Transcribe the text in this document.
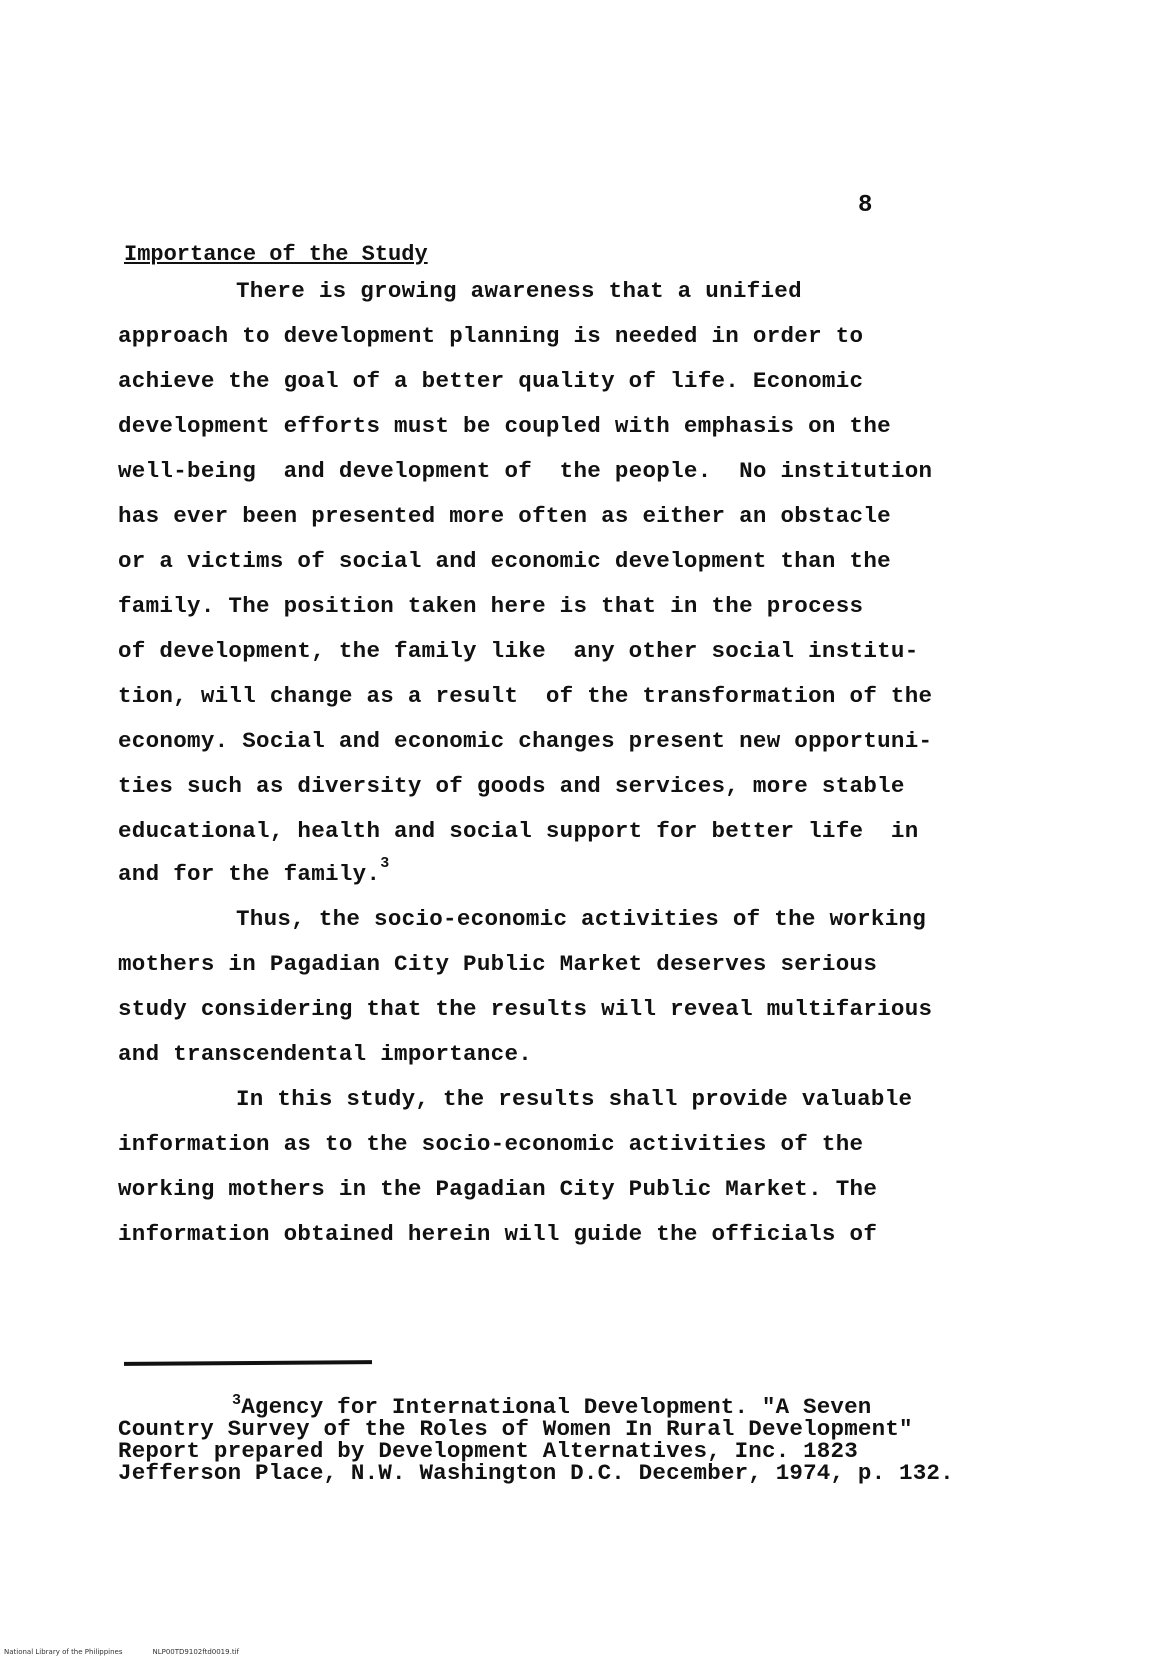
8
Importance of the Study
There is growing awareness that a unified
approach to development planning is needed in order to
achieve the goal of a better quality of life. Economic
development efforts must be coupled with emphasis on the
well-being  and development of  the people.  No institution
has ever been presented more often as either an obstacle
or a victims of social and economic development than the
family. The position taken here is that in the process
of development, the family like  any other social institu-
tion, will change as a result  of the transformation of the
economy. Social and economic changes present new opportuni-
ties such as diversity of goods and services, more stable
educational, health and social support for better life  in
and for the family.$^3$
Thus, the socio-economic activities of the working
mothers in Pagadian City Public Market deserves serious
study considering that the results will reveal multifarious
and transcendental importance.
In this study, the results shall provide valuable
information as to the socio-economic activities of the
working mothers in the Pagadian City Public Market. The
information obtained herein will guide the officials of
$^3$Agency for International Development. "A Seven
Country Survey of the Roles of Women In Rural Development"
Report prepared by Development Alternatives, Inc. 1823
Jefferson Place, N.W. Washington D.C. December, 1974, p. 132.
National Library of the Philippines	NLP00TD9102ftd0019.tif
